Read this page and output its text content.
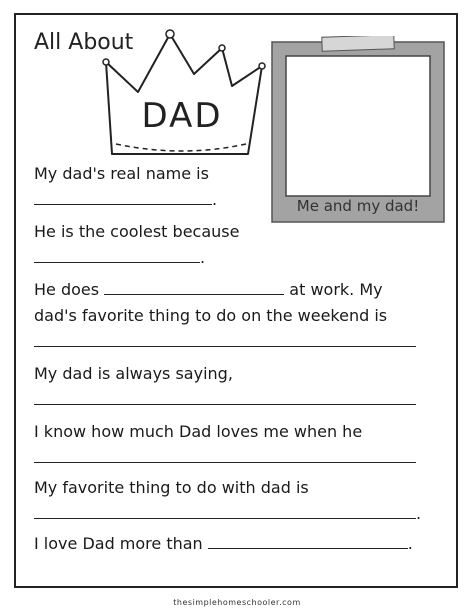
All About
DAD
Me and my dad!
My dad's real name is
.
He is the coolest because
.
He does	at work. My
dad's favorite thing to do on the weekend is
My dad is always saying,
I know how much Dad loves me when he
My favorite thing to do with dad is
.
I love Dad more than	.
thesimplehomeschooler.com
